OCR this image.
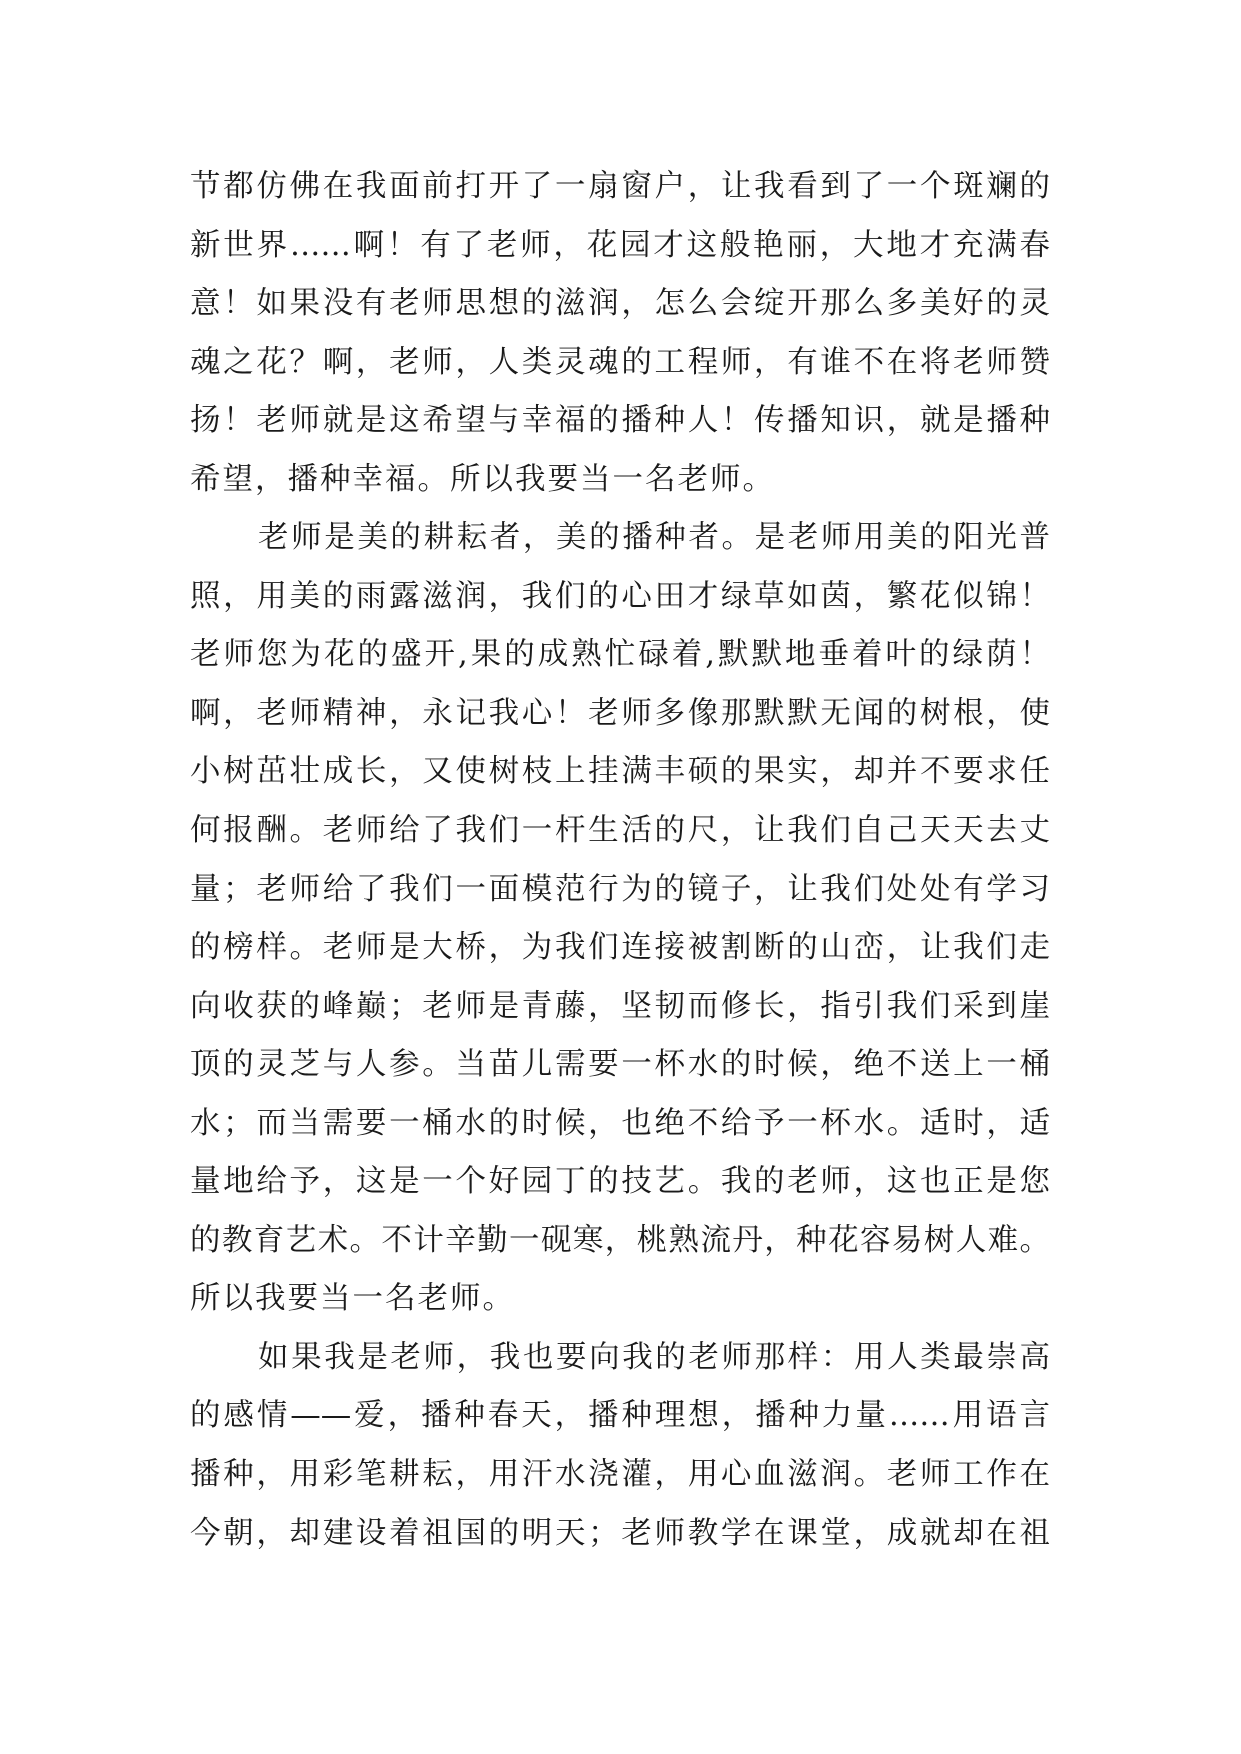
节都仿佛在我面前打开了一扇窗户，让我看到了一个斑斓的
新世界……啊！有了老师，花园才这般艳丽，大地才充满春
意！如果没有老师思想的滋润，怎么会绽开那么多美好的灵
魂之花？啊，老师，人类灵魂的工程师，有谁不在将老师赞
扬！老师就是这希望与幸福的播种人！传播知识，就是播种
希望，播种幸福。所以我要当一名老师。
老师是美的耕耘者，美的播种者。是老师用美的阳光普
照，用美的雨露滋润，我们的心田才绿草如茵，繁花似锦！
老师您为花的盛开,果的成熟忙碌着,默默地垂着叶的绿荫！
啊，老师精神，永记我心！老师多像那默默无闻的树根，使
小树茁壮成长，又使树枝上挂满丰硕的果实，却并不要求任
何报酬。老师给了我们一杆生活的尺，让我们自己天天去丈
量；老师给了我们一面模范行为的镜子，让我们处处有学习
的榜样。老师是大桥，为我们连接被割断的山峦，让我们走
向收获的峰巅；老师是青藤，坚韧而修长，指引我们采到崖
顶的灵芝与人参。当苗儿需要一杯水的时候，绝不送上一桶
水；而当需要一桶水的时候，也绝不给予一杯水。适时，适
量地给予，这是一个好园丁的技艺。我的老师，这也正是您
的教育艺术。不计辛勤一砚寒，桃熟流丹，种花容易树人难。
所以我要当一名老师。
如果我是老师，我也要向我的老师那样：用人类最崇高
的感情——爱，播种春天，播种理想，播种力量……用语言
播种，用彩笔耕耘，用汗水浇灌，用心血滋润。老师工作在
今朝，却建设着祖国的明天；老师教学在课堂，成就却在祖
